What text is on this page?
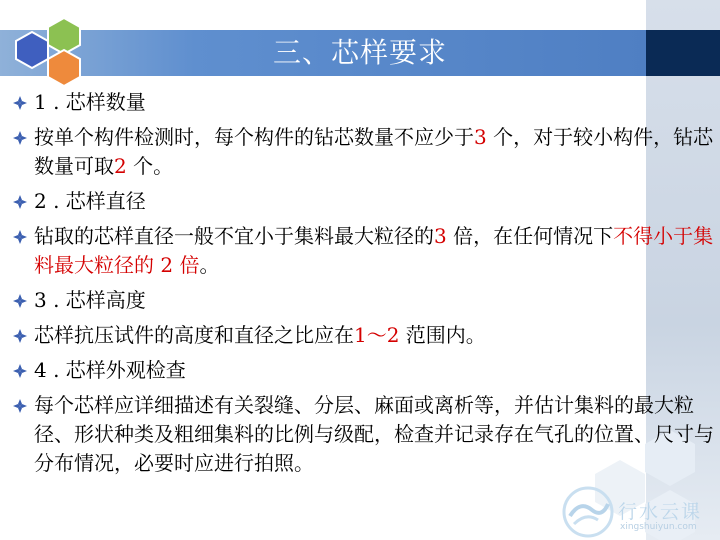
三、芯样要求
1 . 芯样数量
按单个构件检测时，每个构件的钻芯数量不应少于3 个，对于较小构件，钻芯数量可取2 个。
2 . 芯样直径
钻取的芯样直径一般不宜小于集料最大粒径的3 倍，在任何情况下不得小于集料最大粒径的 2 倍。
3 . 芯样高度
芯样抗压试件的高度和直径之比应在1～2 范围内。
4 . 芯样外观检查
每个芯样应详细描述有关裂缝、分层、麻面或离析等，并估计集料的最大粒径、形状种类及粗细集料的比例与级配，检查并记录存在气孔的位置、尺寸与分布情况，必要时应进行拍照。
行水云课
xingshuiyun.com
